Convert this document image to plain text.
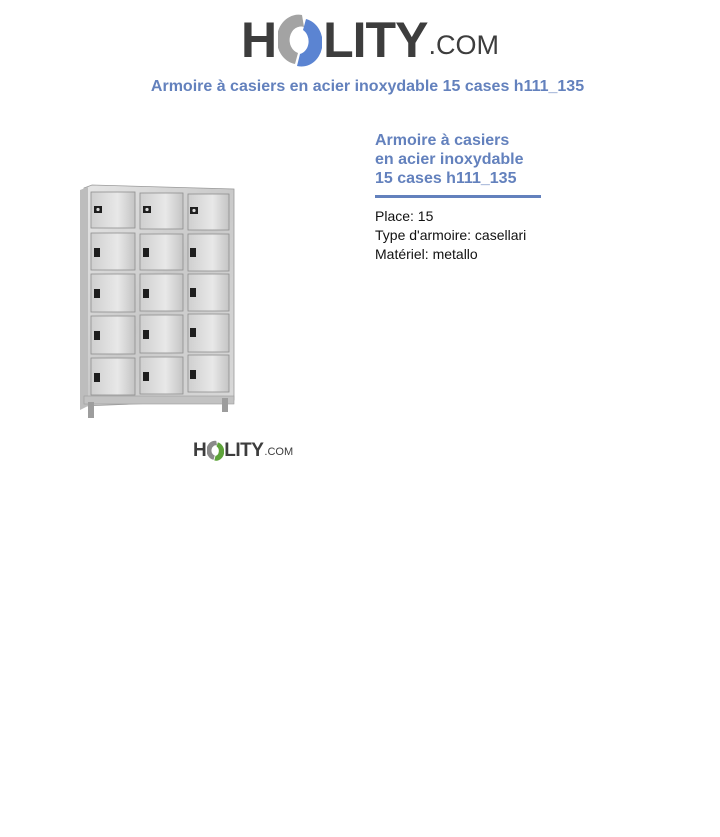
H LITY .COM
Armoire à casiers en acier inoxydable 15 cases h111_135
H LITY .COM
Armoire à casiers
en acier inoxydable
15 cases h111_135
Place: 15
Type d'armoire: casellari
Matériel: metallo
